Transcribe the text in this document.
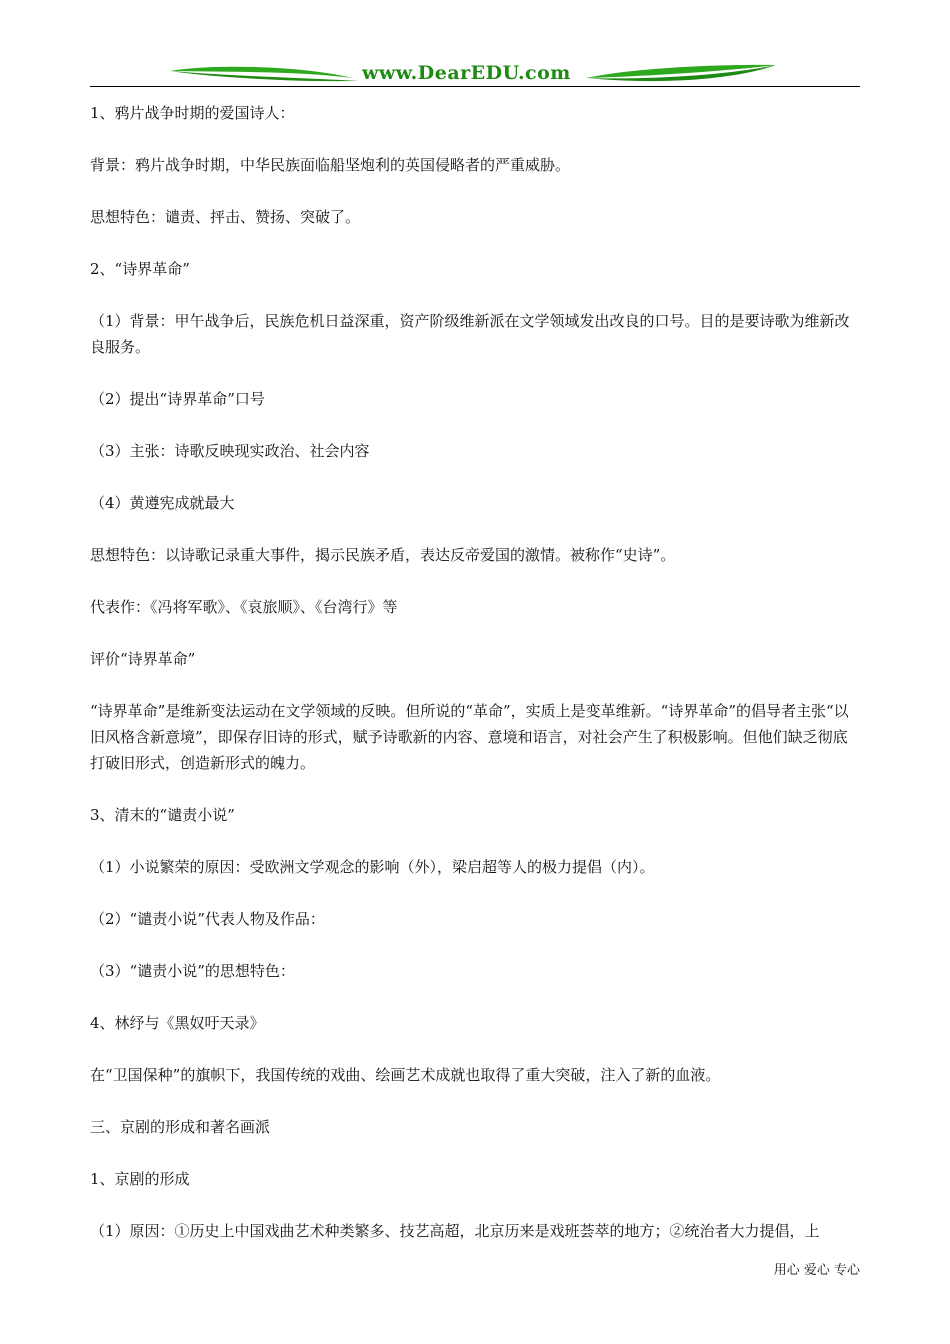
www.DearEDU.com

1、鸦片战争时期的爱国诗人：

背景：鸦片战争时期，中华民族面临船坚炮利的英国侵略者的严重威胁。

思想特色：谴责、抨击、赞扬、突破了。

2、“诗界革命”

（1）背景：甲午战争后，民族危机日益深重，资产阶级维新派在文学领域发出改良的口号。目的是要诗歌为维新改良服务。

（2）提出“诗界革命”口号

（3）主张：诗歌反映现实政治、社会内容

（4）黄遵宪成就最大

思想特色：以诗歌记录重大事件，揭示民族矛盾，表达反帝爱国的激情。被称作“史诗”。

代表作：《冯将军歌》、《哀旅顺》、《台湾行》等

评价“诗界革命”

“诗界革命”是维新变法运动在文学领域的反映。但所说的“革命”，实质上是变革维新。“诗界革命”的倡导者主张“以旧风格含新意境”，即保存旧诗的形式，赋予诗歌新的内容、意境和语言，对社会产生了积极影响。但他们缺乏彻底打破旧形式，创造新形式的魄力。

3、清末的“谴责小说”

（1）小说繁荣的原因：受欧洲文学观念的影响（外），梁启超等人的极力提倡（内）。

（2）“谴责小说”代表人物及作品：

（3）“谴责小说”的思想特色：

4、林纾与《黑奴吁天录》

在“卫国保种”的旗帜下，我国传统的戏曲、绘画艺术成就也取得了重大突破，注入了新的血液。

三、京剧的形成和著名画派

1、京剧的形成

（1）原因：①历史上中国戏曲艺术种类繁多、技艺高超，北京历来是戏班荟萃的地方；②统治者大力提倡，上

用心 爱心 专心
